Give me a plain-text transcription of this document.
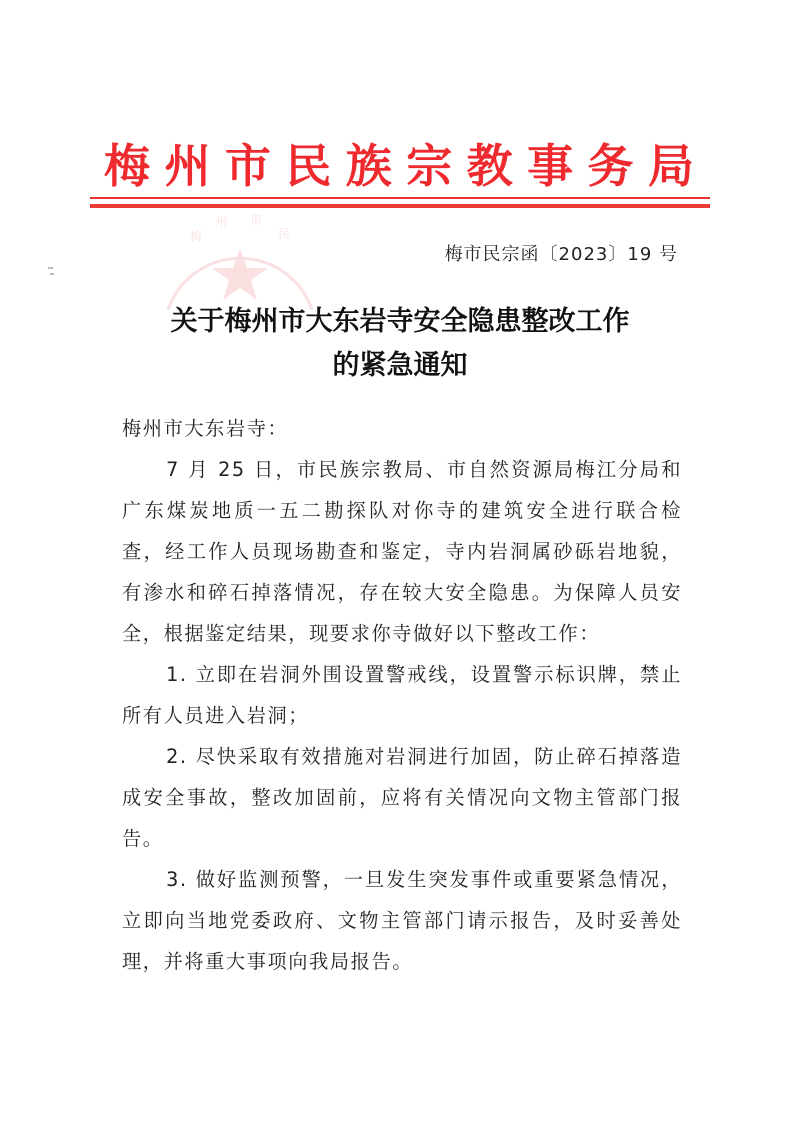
梅 州 市 民 族 宗 教 事 务 局
梅
州 市
民
梅市民宗函〔2023〕19 号
关于梅州市大东岩寺安全隐患整改工作
的紧急通知

梅州市大东岩寺：

7 月 25 日，市民族宗教局、市自然资源局梅江分局和广东煤炭地质一五二勘探队对你寺的建筑安全进行联合检查，经工作人员现场勘查和鉴定，寺内岩洞属砂砾岩地貌，有渗水和碎石掉落情况，存在较大安全隐患。为保障人员安全，根据鉴定结果，现要求你寺做好以下整改工作：

1. 立即在岩洞外围设置警戒线，设置警示标识牌，禁止所有人员进入岩洞；

2. 尽快采取有效措施对岩洞进行加固，防止碎石掉落造成安全事故，整改加固前，应将有关情况向文物主管部门报告。

3. 做好监测预警，一旦发生突发事件或重要紧急情况，立即向当地党委政府、文物主管部门请示报告，及时妥善处理，并将重大事项向我局报告。
